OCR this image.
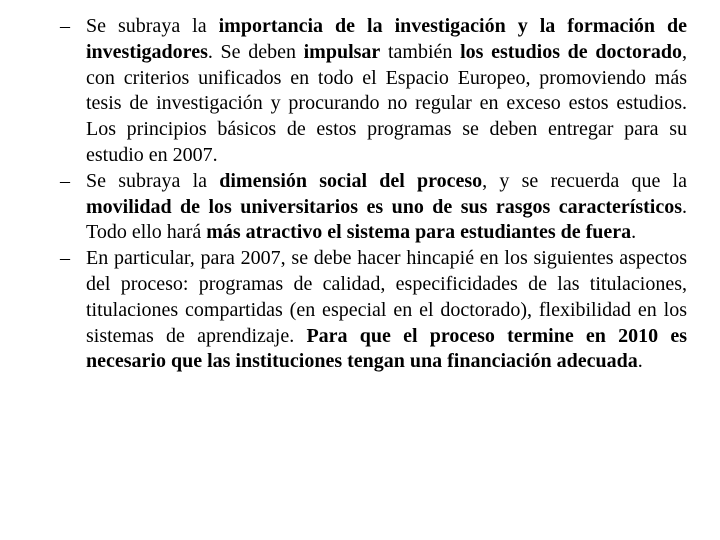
– Se subraya la importancia de la investigación y la formación de investigadores. Se deben impulsar también los estudios de doctorado, con criterios unificados en todo el Espacio Europeo, promoviendo más tesis de investigación y procurando no regular en exceso estos estudios. Los principios básicos de estos programas se deben entregar para su estudio en 2007.
– Se subraya la dimensión social del proceso, y se recuerda que la movilidad de los universitarios es uno de sus rasgos característicos. Todo ello hará más atractivo el sistema para estudiantes de fuera.
– En particular, para 2007, se debe hacer hincapié en los siguientes aspectos del proceso: programas de calidad, especificidades de las titulaciones, titulaciones compartidas (en especial en el doctorado), flexibilidad en los sistemas de aprendizaje. Para que el proceso termine en 2010 es necesario que las instituciones tengan una financiación adecuada.
